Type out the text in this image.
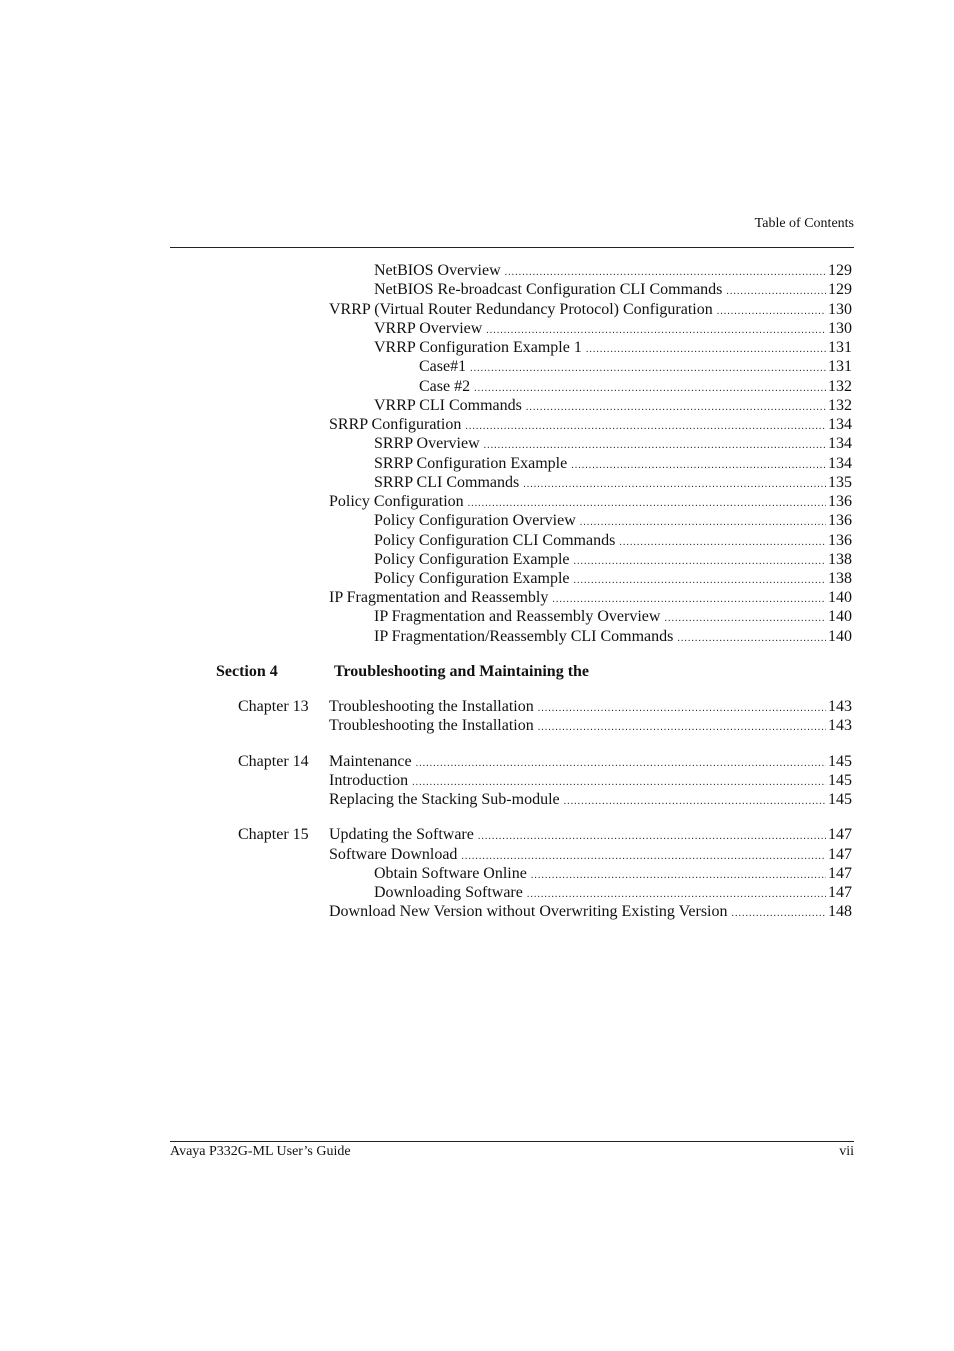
Table of Contents
NetBIOS Overview .....	129
NetBIOS Re-broadcast Configuration CLI Commands .....	129
VRRP (Virtual Router Redundancy Protocol) Configuration .....	130
VRRP Overview .....	130
VRRP Configuration Example 1 .....	131
Case#1 .....	131
Case #2 .....	132
VRRP CLI Commands .....	132
SRRP Configuration .....	134
SRRP Overview .....	134
SRRP Configuration Example .....	134
SRRP CLI Commands .....	135
Policy Configuration .....	136
Policy Configuration Overview .....	136
Policy Configuration CLI Commands .....	136
Policy Configuration Example .....	138
Policy Configuration Example .....	138
IP Fragmentation and Reassembly .....	140
IP Fragmentation and Reassembly Overview .....	140
IP Fragmentation/Reassembly CLI Commands .....	140
Section 4	Troubleshooting and Maintaining the
Chapter 13 Troubleshooting the Installation .....	143
Troubleshooting the Installation .....	143
Chapter 14 Maintenance .....	145
Introduction .....	145
Replacing the Stacking Sub-module .....	145
Chapter 15 Updating the Software .....	147
Software Download .....	147
Obtain Software Online .....	147
Downloading Software .....	147
Download New Version without Overwriting Existing Version .....	148
Avaya P332G-ML User’s Guide	vii
